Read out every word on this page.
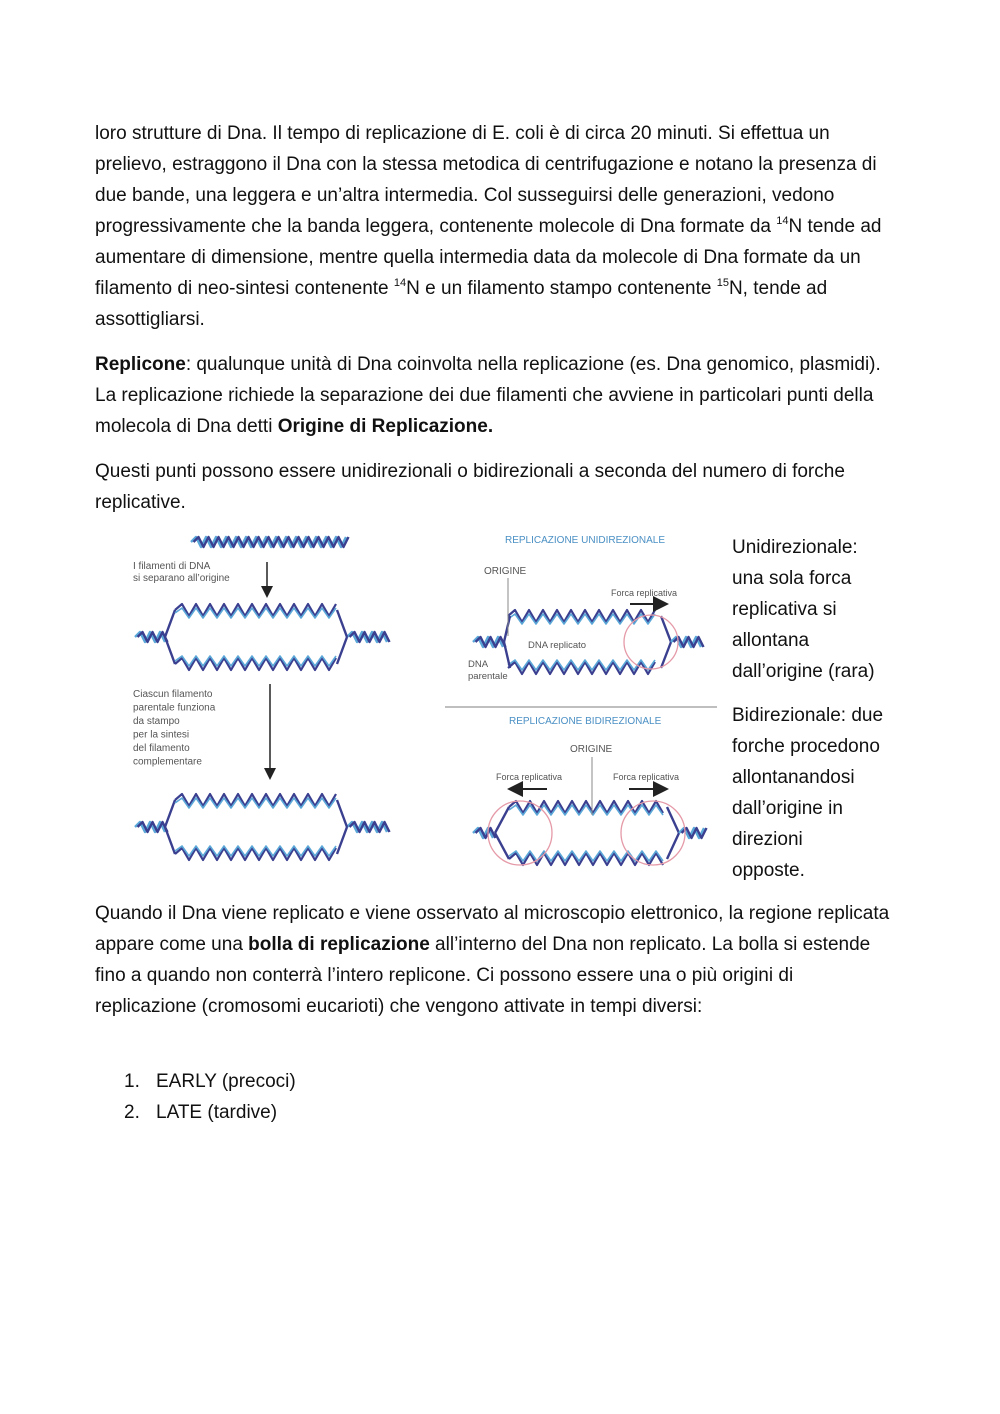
loro strutture di Dna. Il tempo di replicazione di E. coli è di circa 20 minuti. Si effettua un prelievo, estraggono il Dna con la stessa metodica di centrifugazione e notano la presenza di due bande, una leggera e un’altra intermedia. Col susseguirsi delle generazioni, vedono progressivamente che la banda leggera, contenente molecole di Dna formate da $^{14}$N tende ad aumentare di dimensione, mentre quella intermedia data da molecole di Dna formate da un filamento di neo-sintesi contenente $^{14}$N e un filamento stampo contenente $^{15}$N, tende ad assottigliarsi.

Replicone: qualunque unità di Dna coinvolta nella replicazione (es. Dna genomico, plasmidi). La replicazione richiede la separazione dei due filamenti che avviene in particolari punti della molecola di Dna detti Origine di Replicazione.

Questi punti possono essere unidirezionali o bidirezionali a seconda del numero di forche replicative.

I filamenti di DNA
si separano all’origine
Ciascun filamento
parentale funziona
da stampo
per la sintesi
del filamento
complementare
REPLICAZIONE UNIDIREZIONALE
ORIGINE
Forca replicativa
DNA replicato
DNA
parentale
REPLICAZIONE BIDIREZIONALE
ORIGINE
Forca replicativa	Forca replicativa
Unidirezionale:
una sola forca
replicativa si
allontana
dall’origine (rara)
Bidirezionale: due
forche procedono
allontanandosi
dall’origine in
direzioni
opposte.

Quando il Dna viene replicato e viene osservato al microscopio elettronico, la regione replicata appare come una bolla di replicazione all’interno del Dna non replicato. La bolla si estende fino a quando non conterrà l’intero replicone. Ci possono essere una o più origini di replicazione (cromosomi eucarioti) che vengono attivate in tempi diversi:

1. EARLY (precoci)
2. LATE (tardive)
